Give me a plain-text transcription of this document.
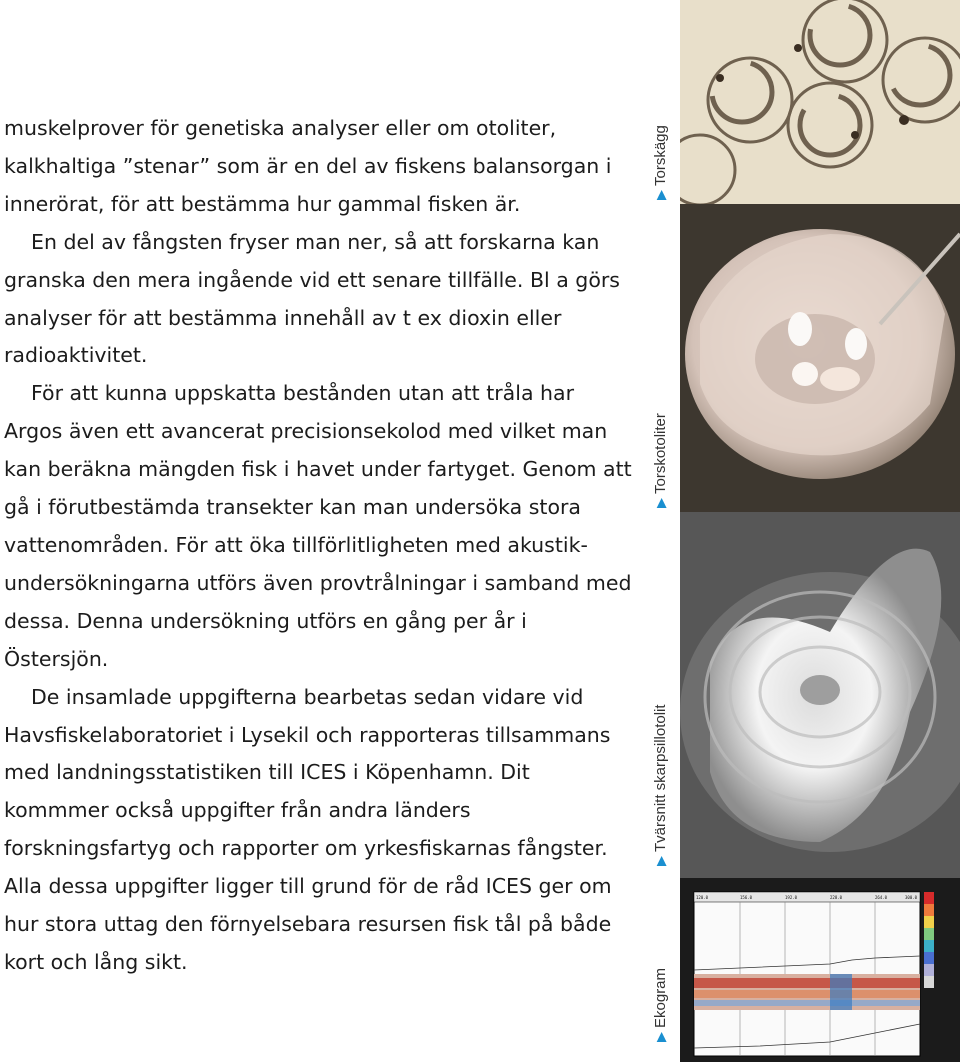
muskelprover för genetiska analyser eller om otoliter, kalkhaltiga ”stenar” som är en del av fiskens balansorgan i innerörat, för att bestämma hur gammal fisken är.

En del av fångsten fryser man ner, så att forskarna kan granska den mera ingående vid ett senare tillfälle. Bl a görs analyser för att bestämma innehåll av t ex dioxin eller radioaktivitet.

För att kunna uppskatta bestånden utan att tråla har Argos även ett avancerat precisionsekolod med vilket man kan beräkna mängden fisk i havet under fartyget. Genom att gå i förutbestämda transekter kan man undersöka stora vattenområden. För att öka tillförlitligheten med akustik-undersökningarna utförs även provtrålningar i samband med dessa. Denna undersökning utförs en gång per år i Östersjön.

De insamlade uppgifterna bearbetas sedan vidare vid Havsfiskelaboratoriet i Lysekil och rapporteras tillsammans med landningsstatistiken till ICES i Köpenhamn. Dit kommmer också uppgifter från andra länders forskningsfartyg och rapporter om yrkesfiskarnas fångster. Alla dessa uppgifter ligger till grund för de råd ICES ger om hur stora uttag den förnyelsebara resursen fisk tål på både kort och lång sikt.

▶Torskägg
▶Torskotoliter
▶Tvärsnitt skarpsillotolit
▶Ekogram
120.0	156.0	192.0	228.0	264.0	300.0
